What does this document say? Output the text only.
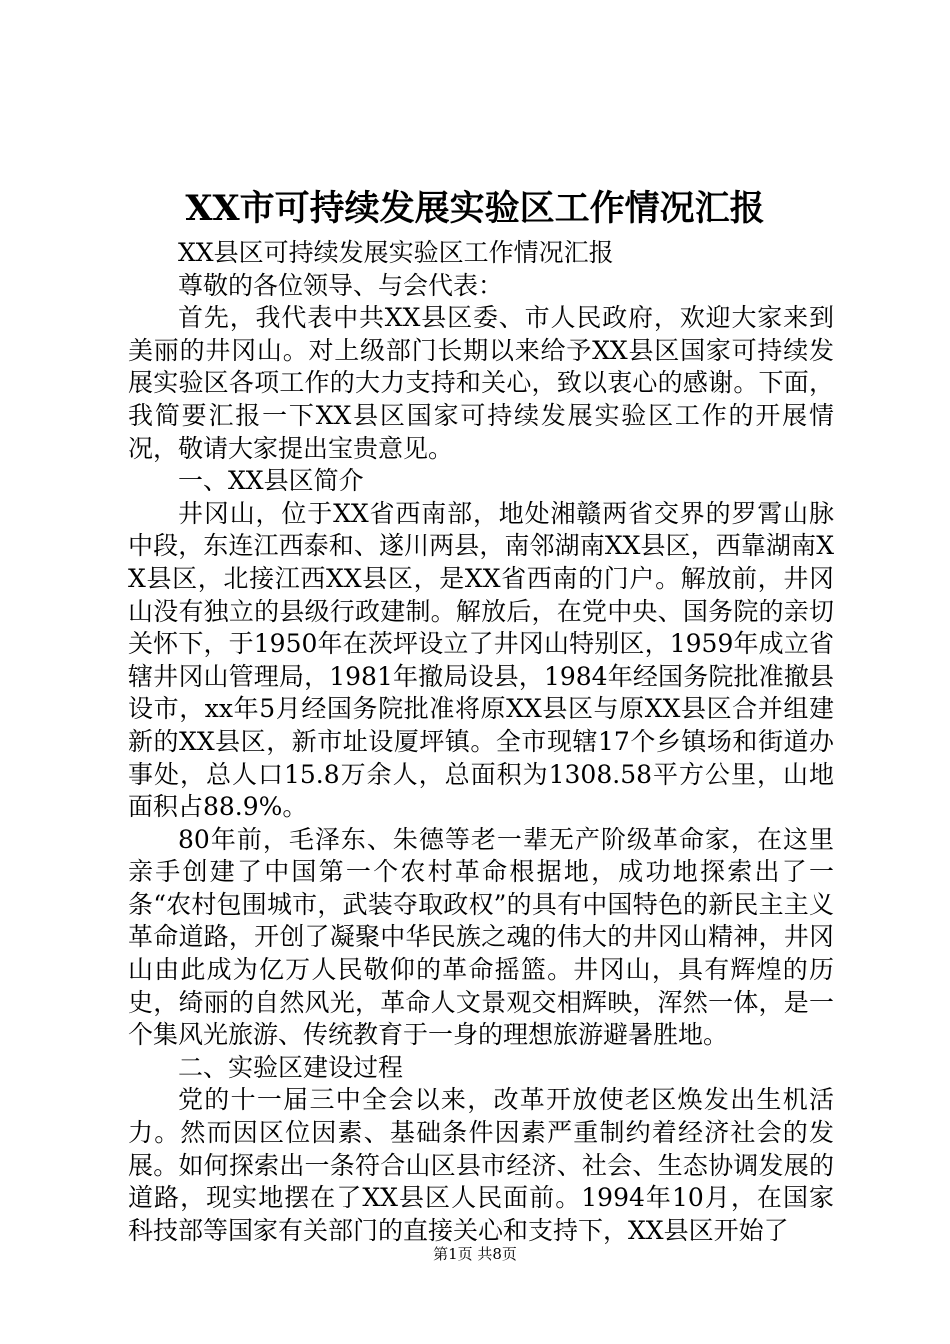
XX市可持续发展实验区工作情况汇报

XX县区可持续发展实验区工作情况汇报

尊敬的各位领导、与会代表：

首先，我代表中共XX县区委、市人民政府，欢迎大家来到美丽的井冈山。对上级部门长期以来给予XX县区国家可持续发展实验区各项工作的大力支持和关心，致以衷心的感谢。下面，我简要汇报一下XX县区国家可持续发展实验区工作的开展情况，敬请大家提出宝贵意见。

一、XX县区简介

井冈山，位于XX省西南部，地处湘赣两省交界的罗霄山脉中段，东连江西泰和、遂川两县，南邻湖南XX县区，西靠湖南XX县区，北接江西XX县区，是XX省西南的门户。解放前，井冈山没有独立的县级行政建制。解放后，在党中央、国务院的亲切关怀下，于1950年在茨坪设立了井冈山特别区，1959年成立省辖井冈山管理局，1981年撤局设县，1984年经国务院批准撤县设市，xx年5月经国务院批准将原XX县区与原XX县区合并组建新的XX县区，新市址设厦坪镇。全市现辖17个乡镇场和街道办事处，总人口15.8万余人，总面积为1308.58平方公里，山地面积占88.9%。

80年前，毛泽东、朱德等老一辈无产阶级革命家，在这里亲手创建了中国第一个农村革命根据地，成功地探索出了一条“农村包围城市，武装夺取政权”的具有中国特色的新民主主义革命道路，开创了凝聚中华民族之魂的伟大的井冈山精神，井冈山由此成为亿万人民敬仰的革命摇篮。井冈山，具有辉煌的历史，绮丽的自然风光，革命人文景观交相辉映，浑然一体，是一个集风光旅游、传统教育于一身的理想旅游避暑胜地。

二、实验区建设过程

党的十一届三中全会以来，改革开放使老区焕发出生机活力。然而因区位因素、基础条件因素严重制约着经济社会的发展。如何探索出一条符合山区县市经济、社会、生态协调发展的道路，现实地摆在了XX县区人民面前。1994年10月，在国家科技部等国家有关部门的直接关心和支持下，XX县区开始了

第1页 共8页
